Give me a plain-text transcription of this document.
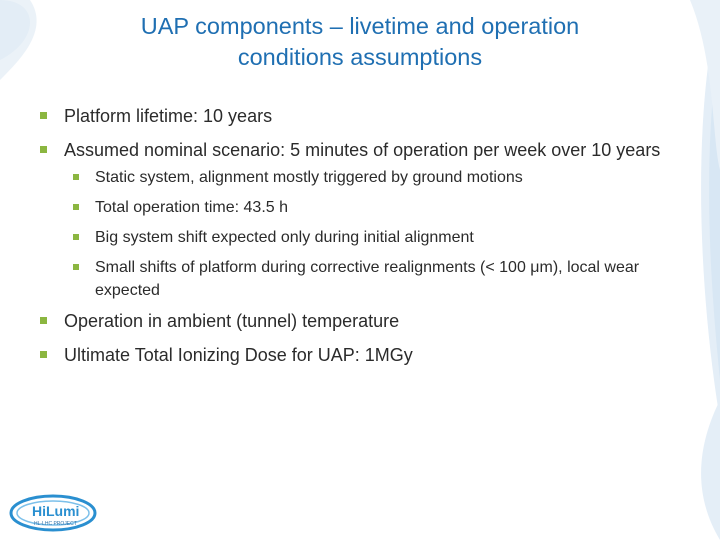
UAP components – livetime and operation
conditions assumptions
Platform lifetime: 10 years
Assumed nominal scenario: 5 minutes of operation per week over 10 years
Static system, alignment mostly triggered by ground motions
Total operation time: 43.5 h
Big system shift expected only during initial alignment
Small shifts of platform during corrective realignments (< 100 μm), local wear expected
Operation in ambient (tunnel) temperature
Ultimate Total Ionizing Dose for UAP: 1MGy
HiLumi
HL-LHC PROJECT
